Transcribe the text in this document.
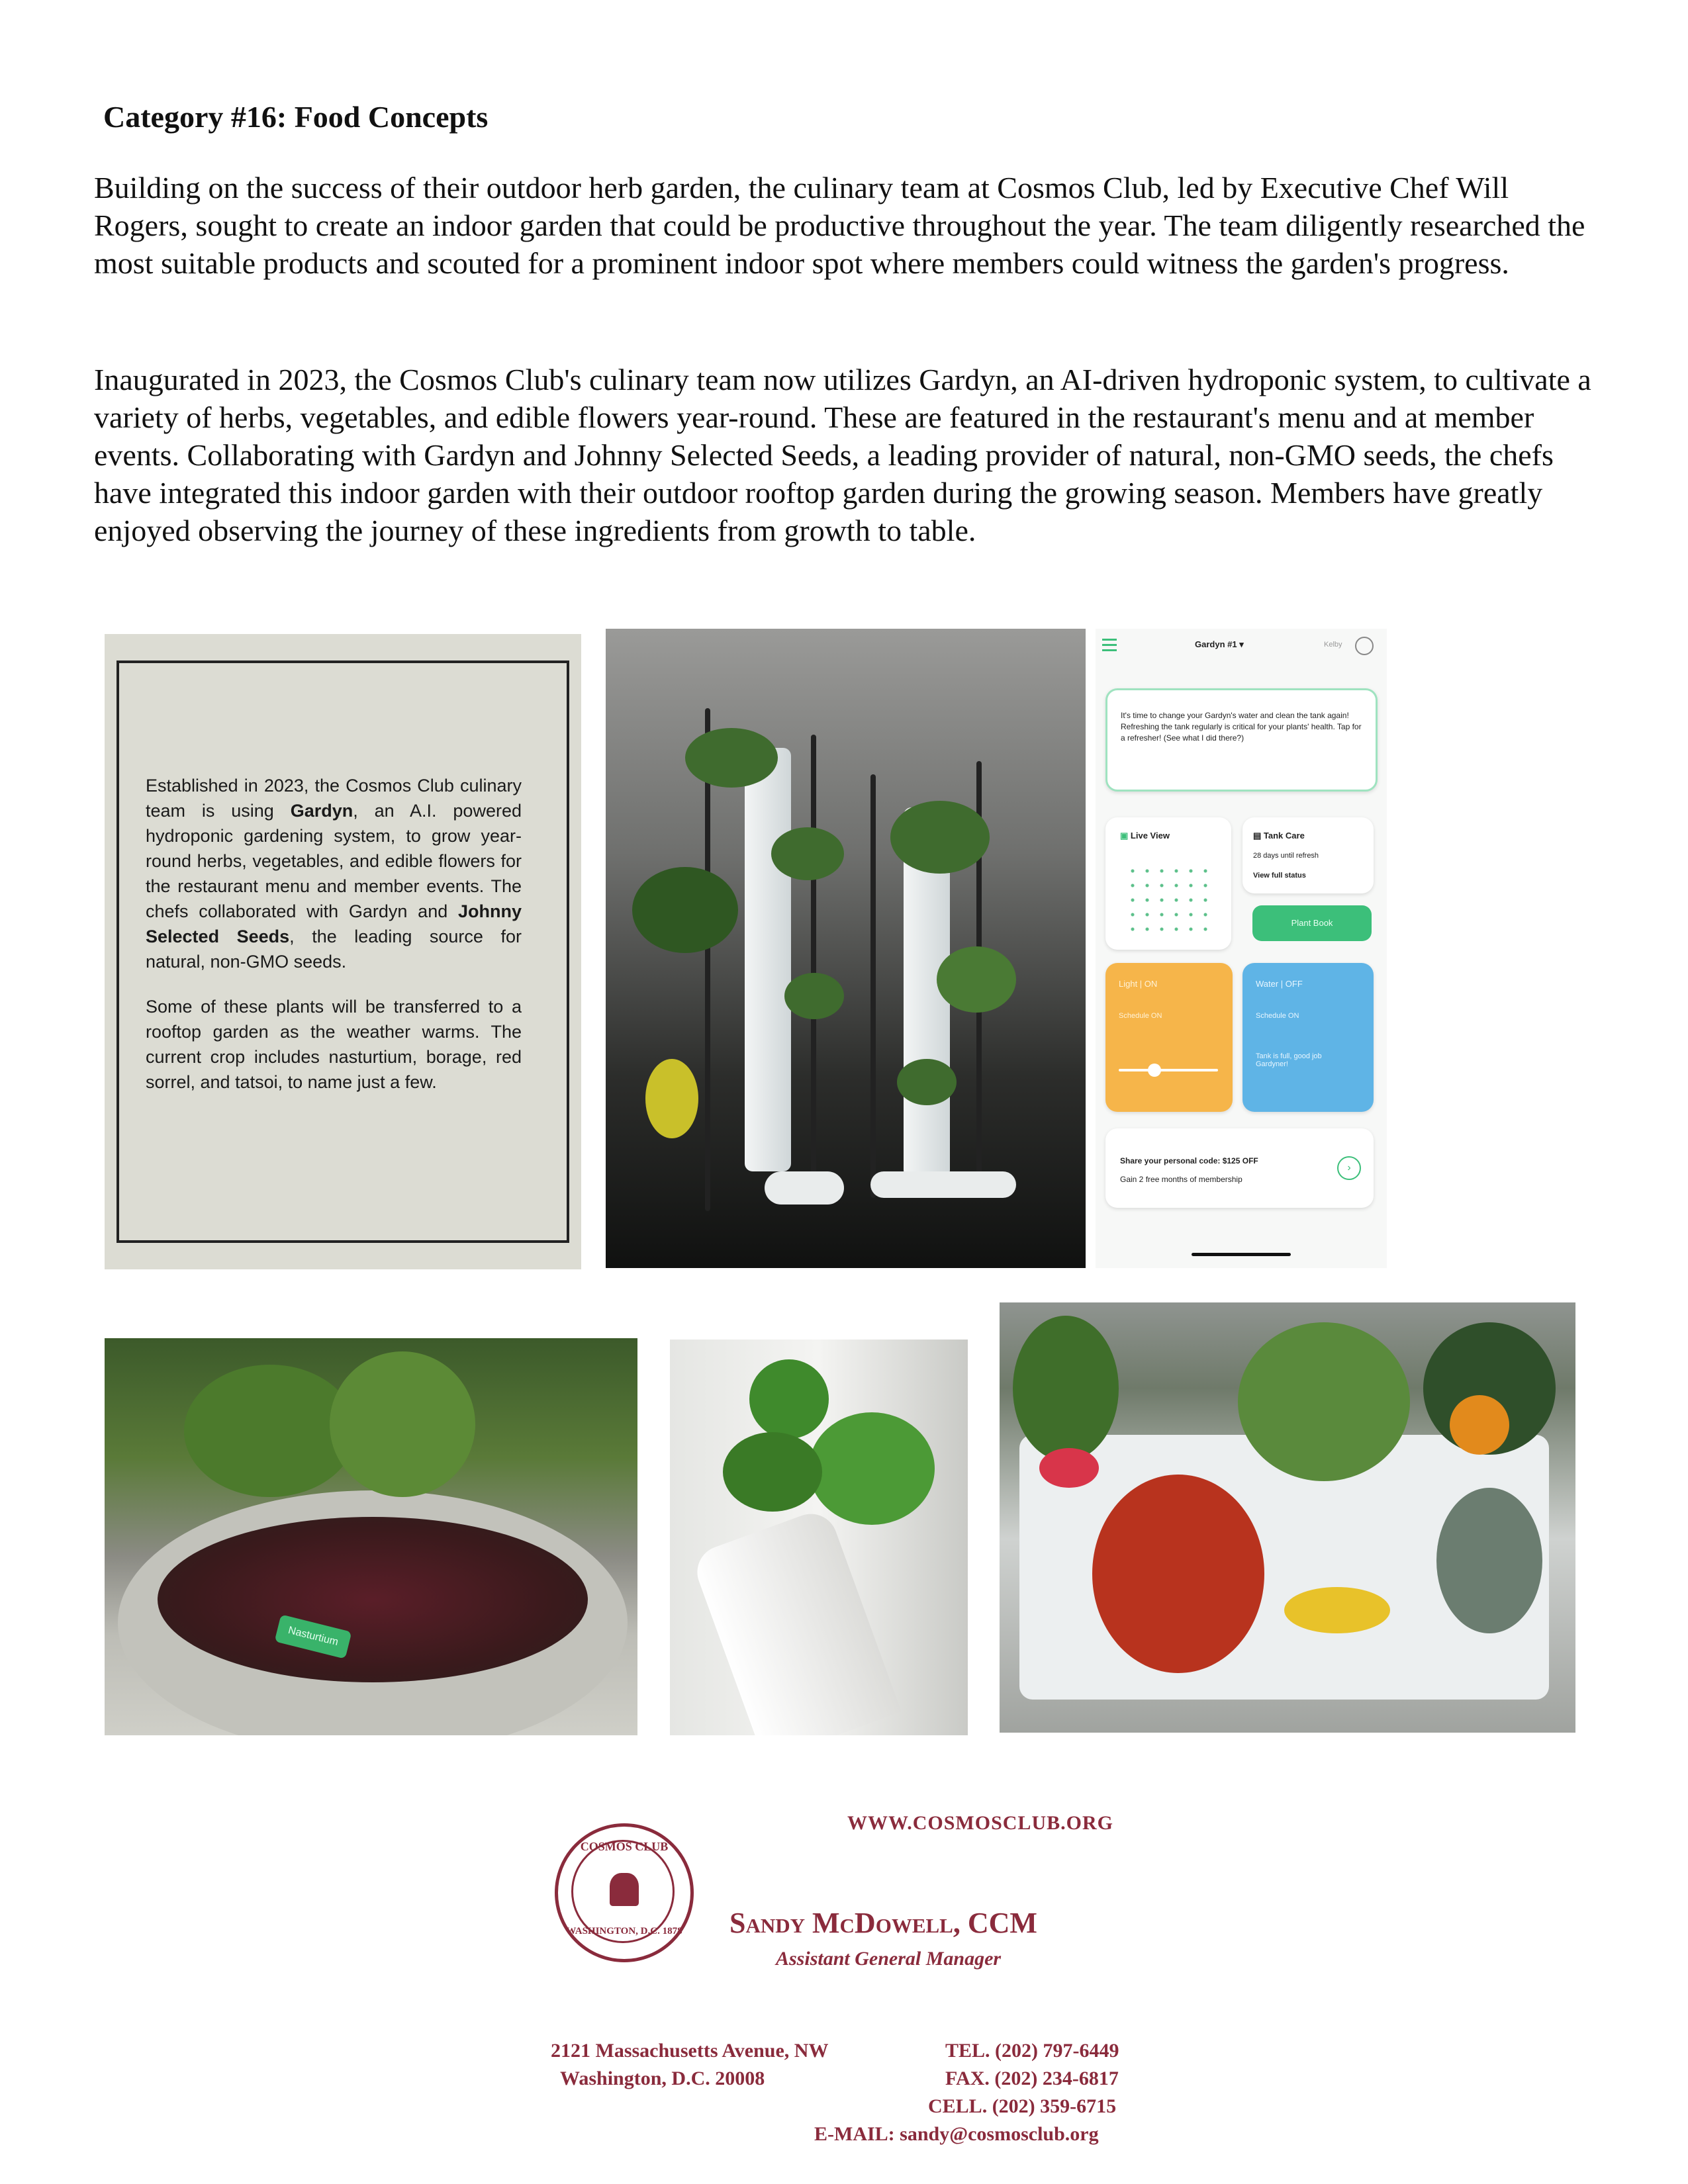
Category #16: Food Concepts

Building on the success of their outdoor herb garden, the culinary team at Cosmos Club, led by Executive Chef Will Rogers, sought to create an indoor garden that could be productive throughout the year. The team diligently researched the most suitable products and scouted for a prominent indoor spot where members could witness the garden's progress.

Inaugurated in 2023, the Cosmos Club's culinary team now utilizes Gardyn, an AI-driven hydroponic system, to cultivate a variety of herbs, vegetables, and edible flowers year-round. These are featured in the restaurant's menu and at member events. Collaborating with Gardyn and Johnny Selected Seeds, a leading provider of natural, non-GMO seeds, the chefs have integrated this indoor garden with their outdoor rooftop garden during the growing season. Members have greatly enjoyed observing the journey of these ingredients from growth to table.

Established in 2023, the Cosmos Club culinary team is using Gardyn, an A.I. powered hydroponic gardening system, to grow year-round herbs, vegetables, and edible flowers for the restaurant menu and member events. The chefs collaborated with Gardyn and Johnny Selected Seeds, the leading source for natural, non-GMO seeds.

Some of these plants will be transferred to a rooftop garden as the weather warms. The current crop includes nasturtium, borage, red sorrel, and tatsoi, to name just a few.

Gardyn #1 ▾	Kelby
It's time to change your Gardyn's water and clean the tank again! Refreshing the tank regularly is critical for your plants' health. Tap for a refresher! (See what I did there?)
▣ Live View	▤ Tank Care
28 days until refresh
View full status
Plant Book
Light | ON
Schedule ON
Water | OFF
Schedule ON
Tank is full, good job Gardyner!
Share your personal code: $125 OFF
Gain 2 free months of membership
›
Nasturtium
COSMOS CLUB
WASHINGTON, D.C. 1878
WWW.COSMOSCLUB.ORG
Sandy McDowell, CCM
Assistant General Manager
2121 Massachusetts Avenue, NW
Washington, D.C. 20008
TEL. (202) 797-6449
FAX. (202) 234-6817
CELL. (202) 359-6715
E-MAIL: sandy@cosmosclub.org
